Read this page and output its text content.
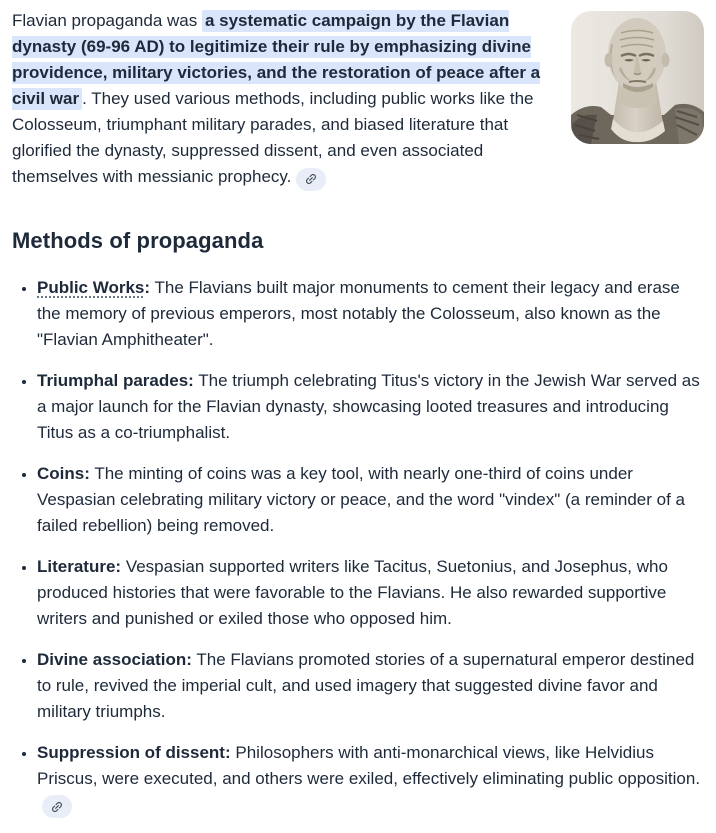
Flavian propaganda was a systematic campaign by the Flavian dynasty (69-96 AD) to legitimize their rule by emphasizing divine providence, military victories, and the restoration of peace after a civil war . They used various methods, including public works like the Colosseum, triumphant military parades, and biased literature that glorified the dynasty, suppressed dissent, and even associated themselves with messianic prophecy.

Methods of propaganda
• Public Works: The Flavians built major monuments to cement their legacy and erase the memory of previous emperors, most notably the Colosseum, also known as the "Flavian Amphitheater".
• Triumphal parades: The triumph celebrating Titus's victory in the Jewish War served as a major launch for the Flavian dynasty, showcasing looted treasures and introducing Titus as a co-triumphalist.
• Coins: The minting of coins was a key tool, with nearly one-third of coins under Vespasian celebrating military victory or peace, and the word "vindex" (a reminder of a failed rebellion) being removed.
• Literature: Vespasian supported writers like Tacitus, Suetonius, and Josephus, who produced histories that were favorable to the Flavians. He also rewarded supportive writers and punished or exiled those who opposed him.
• Divine association: The Flavians promoted stories of a supernatural emperor destined to rule, revived the imperial cult, and used imagery that suggested divine favor and military triumphs.
• Suppression of dissent: Philosophers with anti-monarchical views, like Helvidius Priscus, were executed, and others were exiled, effectively eliminating public opposition.
